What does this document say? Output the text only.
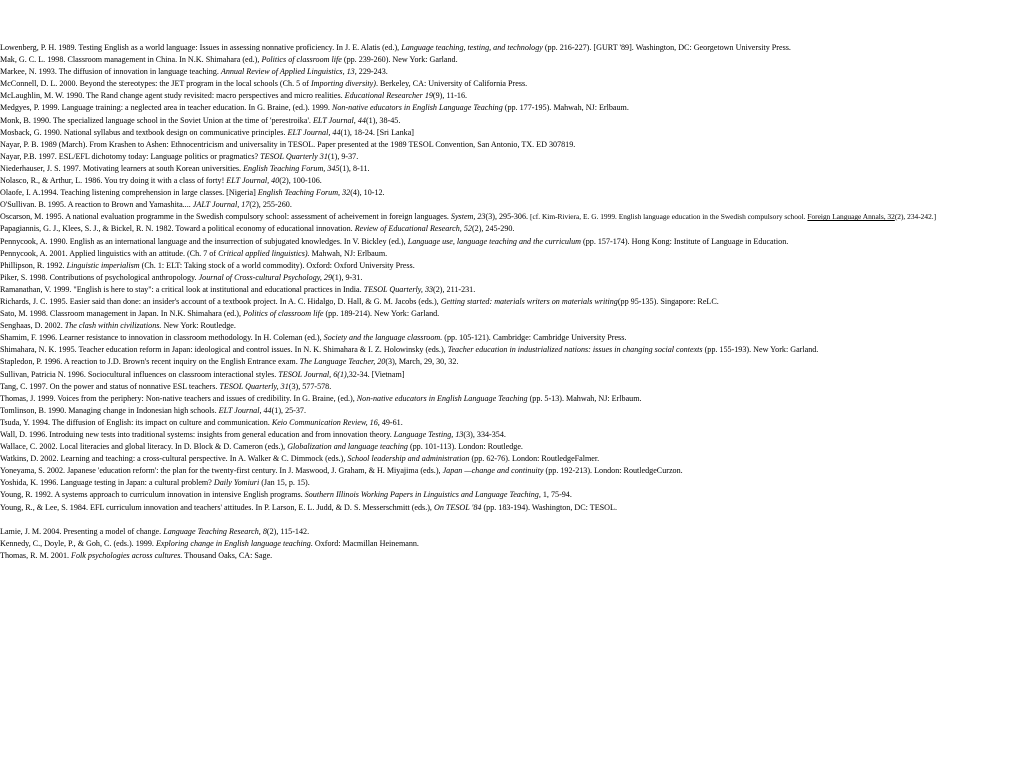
Lowenberg, P. H. 1989. Testing English as a world language: Issues in assessing nonnative proficiency. In J. E. Alatis (ed.), Language teaching, testing, and technology (pp. 216-227). [GURT '89]. Washington, DC: Georgetown University Press.

Mak, G. C. L. 1998. Classroom management in China. In N.K. Shimahara (ed.), Politics of classroom life (pp. 239-260). New York: Garland.

Markee, N. 1993. The diffusion of innovation in language teaching. Annual Review of Applied Linguistics, 13, 229-243.

McConnell, D. L. 2000. Beyond the stereotypes: the JET program in the local schools (Ch. 5 of Importing diversity). Berkeley, CA: University of California Press.

McLaughlin, M. W. 1990. The Rand change agent study revisited: macro perspectives and micro realities. Educational Researcher 19(9), 11-16.

Medgyes, P. 1999. Language training: a neglected area in teacher education. In G. Braine, (ed.). 1999. Non-native educators in English Language Teaching (pp. 177-195). Mahwah, NJ: Erlbaum.

Monk, B. 1990. The specialized language school in the Soviet Union at the time of 'perestroika'. ELT Journal, 44(1), 38-45.

Mosback, G. 1990. National syllabus and textbook design on communicative principles. ELT Journal, 44(1), 18-24. [Sri Lanka]

Nayar, P. B. 1989 (March). From Krashen to Ashen: Ethnocentricism and universality in TESOL. Paper presented at the 1989 TESOL Convention, San Antonio, TX. ED 307819.

Nayar, P.B. 1997. ESL/EFL dichotomy today: Language politics or pragmatics? TESOL Quarterly 31(1), 9-37.

Niederhauser, J. S. 1997. Motivating learners at south Korean universities. English Teaching Forum, 345(1), 8-11.

Nolasco, R., & Arthur, L. 1986. You try doing it with a class of forty! ELT Journal, 40(2), 100-106.

Olaofe, I. A.1994. Teaching listening comprehension in large classes. [Nigeria] English Teaching Forum, 32(4), 10-12.

O'Sullivan. B. 1995. A reaction to Brown and Yamashita.... JALT Journal, 17(2), 255-260.

Oscarson, M. 1995. A national evaluation programme in the Swedish compulsory school: assessment of acheivement in foreign languages. System, 23(3), 295-306. [cf. Kim-Riviera, E. G. 1999. English language education in the Swedish compulsory school. Foreign Language Annals, 32(2), 234-242.]

Papagiannis, G. J., Klees, S. J., & Bickel, R. N. 1982. Toward a political economy of educational innovation. Review of Educational Research, 52(2), 245-290.

Pennycook, A. 1990. English as an international language and the insurrection of subjugated knowledges. In V. Bickley (ed.), Language use, language teaching and the curriculum (pp. 157-174). Hong Kong: Institute of Language in Education.

Pennycook, A. 2001. Applied linguistics with an attitude. (Ch. 7 of Critical applied linguistics). Mahwah, NJ: Erlbaum.

Phillipson, R. 1992. Linguistic imperialism (Ch. 1: ELT: Taking stock of a world commodity). Oxford: Oxford University Press.

Piker, S. 1998. Contributions of psychological anthropology. Journal of Cross-cultural Psychology, 29(1), 9-31.

Ramanathan, V. 1999. "English is here to stay": a critical look at institutional and educational practices in India. TESOL Quarterly, 33(2), 211-231.

Richards, J. C. 1995. Easier said than done: an insider's account of a textbook project. In A. C. Hidalgo, D. Hall, & G. M. Jacobs (eds.), Getting started: materials writers on materials writing(pp 95-135). Singapore: ReLC.

Sato, M. 1998. Classroom management in Japan. In N.K. Shimahara (ed.), Politics of classroom life (pp. 189-214). New York: Garland.

Senghaas, D. 2002. The clash within civilizations. New York: Routledge.

Shamim, F. 1996. Learner resistance to innovation in classroom methodology. In H. Coleman (ed.), Society and the language classroom. (pp. 105-121). Cambridge: Cambridge University Press.

Shimahara, N. K. 1995. Teacher education reform in Japan: ideological and control issues. In N. K. Shimahara & I. Z. Holowinsky (eds.), Teacher education in industrialized nations: issues in changing social contexts (pp. 155-193). New York: Garland.

Stapledon, P. 1996. A reaction to J.D. Brown's recent inquiry on the English Entrance exam. The Language Teacher, 20(3), March, 29, 30, 32.

Sullivan, Patricia N. 1996. Sociocultural influences on classroom interactional styles. TESOL Journal, 6(1),32-34. [Vietnam]

Tang, C. 1997. On the power and status of nonnative ESL teachers. TESOL Quarterly, 31(3), 577-578.

Thomas, J. 1999. Voices from the periphery: Non-native teachers and issues of credibility. In G. Braine, (ed.), Non-native educators in English Language Teaching (pp. 5-13). Mahwah, NJ: Erlbaum.

Tomlinson, B. 1990. Managing change in Indonesian high schools. ELT Journal, 44(1), 25-37.

Tsuda, Y. 1994. The diffusion of English: its impact on culture and communication. Keio Communication Review, 16, 49-61.

Wall, D. 1996. Introduing new tests into traditional systems: insights from general education and from innovation theory. Language Testing, 13(3), 334-354.

Wallace, C. 2002. Local literacies and global literacy. In D. Block & D. Cameron (eds.), Globalization and language teaching (pp. 101-113). London: Routledge.

Watkins, D. 2002. Learning and teaching: a cross-cultural perspective. In A. Walker & C. Dimmock (eds.), School leadership and administration (pp. 62-76). London: RoutledgeFalmer.

Yoneyama, S. 2002. Japanese 'education reform': the plan for the twenty-first century. In J. Maswood, J. Graham, & H. Miyajima (eds.), Japan —change and continuity (pp. 192-213). London: RoutledgeCurzon.

Yoshida, K. 1996. Language testing in Japan: a cultural problem? Daily Yomiuri (Jan 15, p. 15).

Young, R. 1992. A systems approach to curriculum innovation in intensive English programs. Southern Illinois Working Papers in Linguistics and Language Teaching, 1, 75-94.

Young, R., & Lee, S. 1984. EFL curriculum innovation and teachers' attitudes. In P. Larson, E. L. Judd, & D. S. Messerschmitt (eds.), On TESOL '84 (pp. 183-194). Washington, DC: TESOL.

Lamie, J. M. 2004. Presenting a model of change. Language Teaching Research, 8(2), 115-142.

Kennedy, C., Doyle, P., & Goh, C. (eds.). 1999. Exploring change in English language teaching. Oxford: Macmillan Heinemann.

Thomas, R. M. 2001. Folk psychologies across cultures. Thousand Oaks, CA: Sage.
